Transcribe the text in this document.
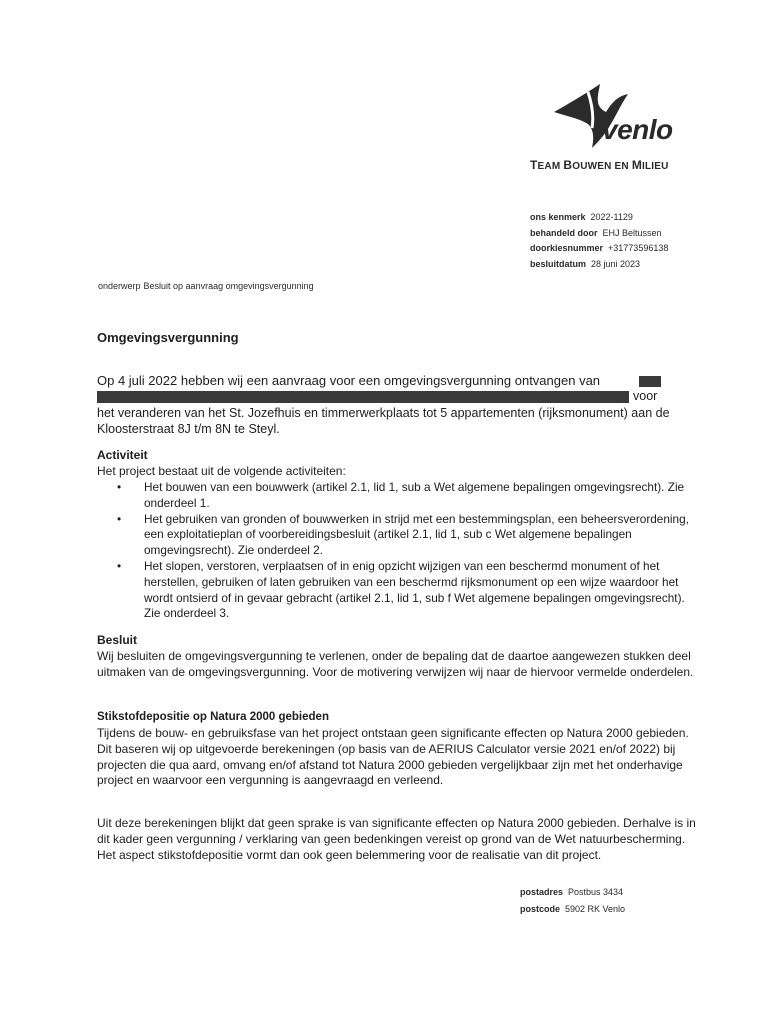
venlo
TEAM BOUWEN EN MILIEU
ons kenmerk 2022-1129
behandeld door EHJ Beltussen
doorkiesnummer +31773596138
besluitdatum 28 juni 2023
onderwerp Besluit op aanvraag omgevingsvergunning
Omgevingsvergunning
Op 4 juli 2022 hebben wij een aanvraag voor een omgevingsvergunning ontvangen van
voor
het veranderen van het St. Jozefhuis en timmerwerkplaats tot 5 appartementen (rijksmonument) aan de Kloosterstraat 8J t/m 8N te Steyl.
Activiteit
Het project bestaat uit de volgende activiteiten:
• Het bouwen van een bouwwerk (artikel 2.1, lid 1, sub a Wet algemene bepalingen omgevingsrecht). Zie onderdeel 1.
• Het gebruiken van gronden of bouwwerken in strijd met een bestemmingsplan, een beheersverordening, een exploitatieplan of voorbereidingsbesluit (artikel 2.1, lid 1, sub c Wet algemene bepalingen omgevingsrecht). Zie onderdeel 2.
• Het slopen, verstoren, verplaatsen of in enig opzicht wijzigen van een beschermd monument of het herstellen, gebruiken of laten gebruiken van een beschermd rijksmonument op een wijze waardoor het wordt ontsierd of in gevaar gebracht (artikel 2.1, lid 1, sub f Wet algemene bepalingen omgevingsrecht). Zie onderdeel 3.
Besluit
Wij besluiten de omgevingsvergunning te verlenen, onder de bepaling dat de daartoe aangewezen stukken deel uitmaken van de omgevingsvergunning. Voor de motivering verwijzen wij naar de hiervoor vermelde onderdelen.
Stikstofdepositie op Natura 2000 gebieden
Tijdens de bouw- en gebruiksfase van het project ontstaan geen significante effecten op Natura 2000 gebieden. Dit baseren wij op uitgevoerde berekeningen (op basis van de AERIUS Calculator versie 2021 en/of 2022) bij projecten die qua aard, omvang en/of afstand tot Natura 2000 gebieden vergelijkbaar zijn met het onderhavige project en waarvoor een vergunning is aangevraagd en verleend.
Uit deze berekeningen blijkt dat geen sprake is van significante effecten op Natura 2000 gebieden. Derhalve is in dit kader geen vergunning / verklaring van geen bedenkingen vereist op grond van de Wet natuurbescherming. Het aspect stikstofdepositie vormt dan ook geen belemmering voor de realisatie van dit project.
postadres Postbus 3434
postcode 5902 RK Venlo
